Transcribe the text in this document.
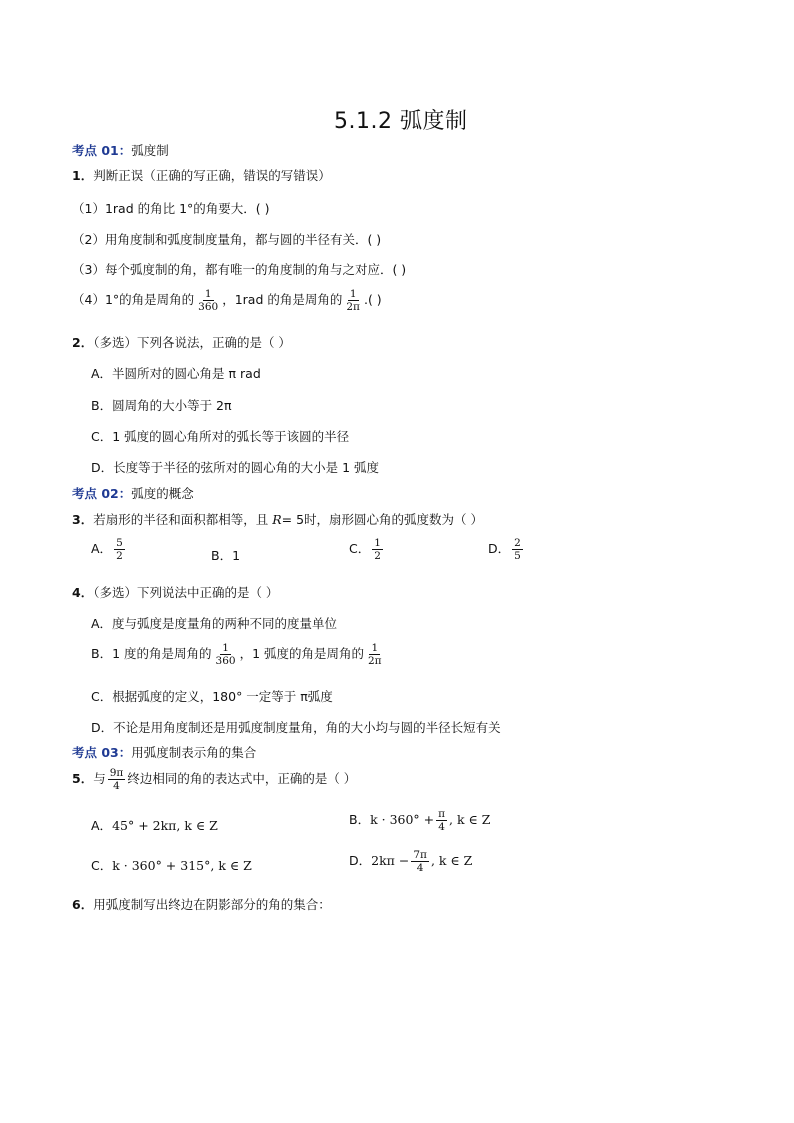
5.1.2 弧度制
考点 01：弧度制
1．判断正误（正确的写正确，错误的写错误）
（1）1rad 的角比 1°的角要大．( )
（2）用角度制和弧度制度量角，都与圆的半径有关．( )
（3）每个弧度制的角，都有唯一的角度制的角与之对应．( )
（4）1°的角是周角的 $\frac{1}{360}$ ，1rad 的角是周角的 $\frac{1}{2\pi}$ .( )
2．（多选）下列各说法，正确的是（ ）
A．半圆所对的圆心角是 π rad
B．圆周角的大小等于 2π
C．1 弧度的圆心角所对的弧长等于该圆的半径
D．长度等于半径的弦所对的圆心角的大小是 1 弧度
考点 02：弧度的概念
3．若扇形的半径和面积都相等，且 R= 5时，扇形圆心角的弧度数为（ ）
A． $\frac{5}{2}$	B．1	C． $\frac{1}{2}$	D． $\frac{2}{5}$
4．（多选）下列说法中正确的是（ ）
A．度与弧度是度量角的两种不同的度量单位
B．1 度的角是周角的 $\frac{1}{360}$ ，1 弧度的角是周角的 $\frac{1}{2\pi}$
C．根据弧度的定义，180° 一定等于 π弧度
D．不论是用角度制还是用弧度制度量角，角的大小均与圆的半径长短有关
考点 03：用弧度制表示角的集合
5．与 $\frac{9\pi}{4}$ 终边相同的角的表达式中，正确的是（ ）
A．45° + 2kπ, k ∈ Z	B．$k \cdot 360^\circ + \frac{\pi}{4}$ , k ∈ Z
C．k · 360° + 315°, k ∈ Z	D．$2k\pi - \frac{7\pi}{4}$ , k ∈ Z
6．用弧度制写出终边在阴影部分的角的集合：
